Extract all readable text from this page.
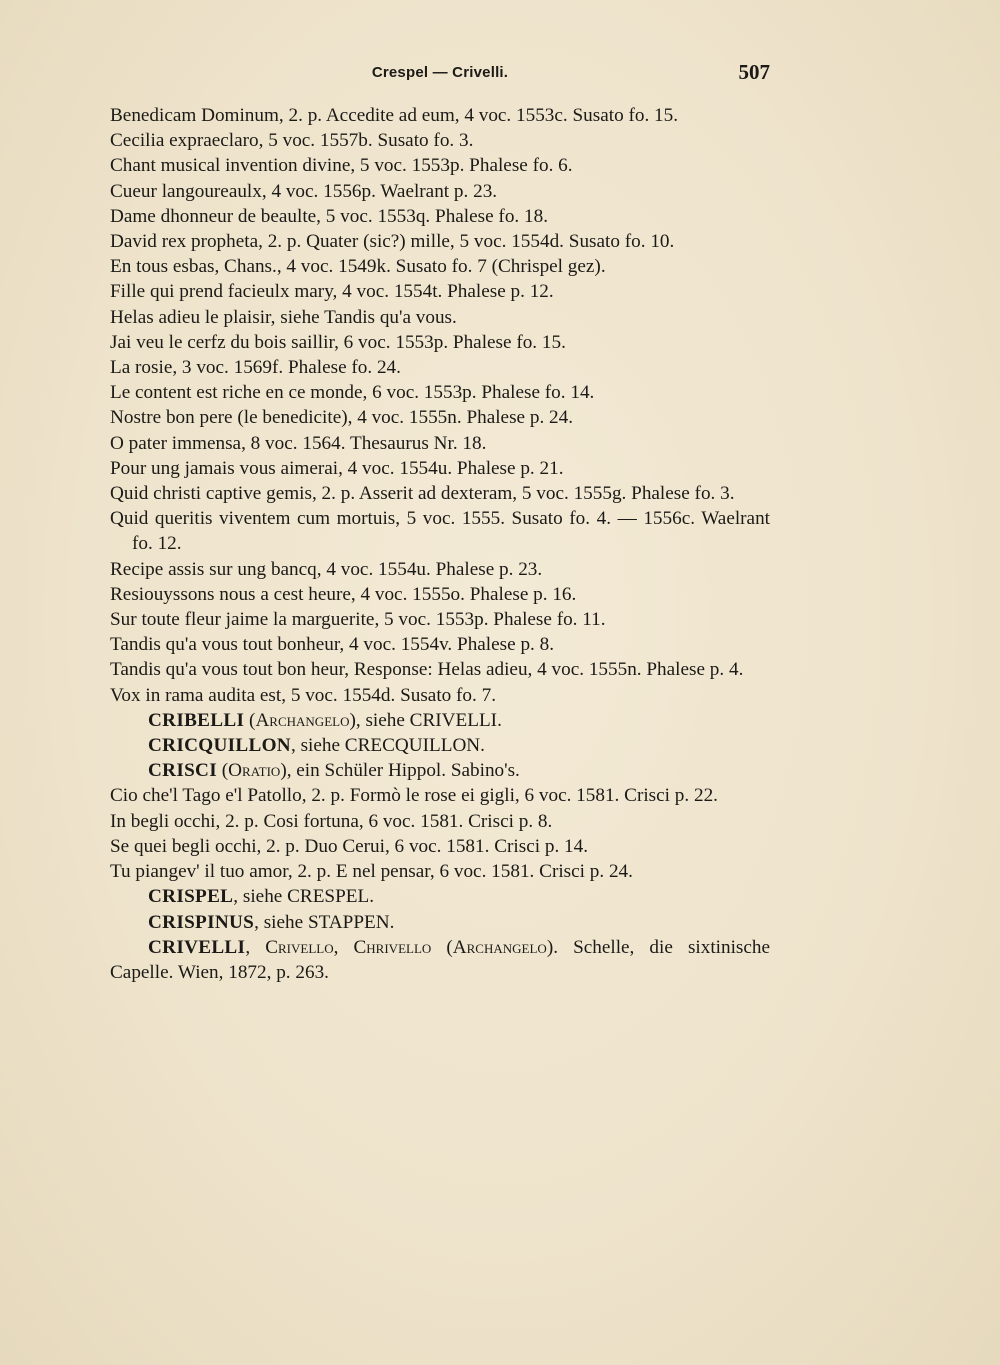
Crespel — Crivelli.	507
Benedicam Dominum, 2. p. Accedite ad eum, 4 voc. 1553c. Susato fo. 15.
Cecilia expraeclaro, 5 voc. 1557b. Susato fo. 3.
Chant musical invention divine, 5 voc. 1553p. Phalese fo. 6.
Cueur langoureaulx, 4 voc. 1556p. Waelrant p. 23.
Dame dhonneur de beaulte, 5 voc. 1553q. Phalese fo. 18.
David rex propheta, 2. p. Quater (sic?) mille, 5 voc. 1554d. Susato fo. 10.
En tous esbas, Chans., 4 voc. 1549k. Susato fo. 7 (Chrispel gez).
Fille qui prend facieulx mary, 4 voc. 1554t. Phalese p. 12.
Helas adieu le plaisir, siehe Tandis qu'a vous.
Jai veu le cerfz du bois saillir, 6 voc. 1553p. Phalese fo. 15.
La rosie, 3 voc. 1569f. Phalese fo. 24.
Le content est riche en ce monde, 6 voc. 1553p. Phalese fo. 14.
Nostre bon pere (le benedicite), 4 voc. 1555n. Phalese p. 24.
O pater immensa, 8 voc. 1564. Thesaurus Nr. 18.
Pour ung jamais vous aimerai, 4 voc. 1554u. Phalese p. 21.
Quid christi captive gemis, 2. p. Asserit ad dexteram, 5 voc. 1555g. Phalese fo. 3.
Quid queritis viventem cum mortuis, 5 voc. 1555. Susato fo. 4. — 1556c. Waelrant fo. 12.
Recipe assis sur ung bancq, 4 voc. 1554u. Phalese p. 23.
Resiouyssons nous a cest heure, 4 voc. 1555o. Phalese p. 16.
Sur toute fleur jaime la marguerite, 5 voc. 1553p. Phalese fo. 11.
Tandis qu'a vous tout bonheur, 4 voc. 1554v. Phalese p. 8.
Tandis qu'a vous tout bon heur, Response: Helas adieu, 4 voc. 1555n. Phalese p. 4.
Vox in rama audita est, 5 voc. 1554d. Susato fo. 7.
CRIBELLI (Archangelo), siehe CRIVELLI.
CRICQUILLON, siehe CRECQUILLON.
CRISCI (Oratio), ein Schüler Hippol. Sabino's.
Cio che'l Tago e'l Patollo, 2. p. Formò le rose ei gigli, 6 voc. 1581. Crisci p. 22.
In begli occhi, 2. p. Cosi fortuna, 6 voc. 1581. Crisci p. 8.
Se quei begli occhi, 2. p. Duo Cerui, 6 voc. 1581. Crisci p. 14.
Tu piangev' il tuo amor, 2. p. E nel pensar, 6 voc. 1581. Crisci p. 24.
CRISPEL, siehe CRESPEL.
CRISPINUS, siehe STAPPEN.
CRIVELLI, Crivello, Chrivello (Archangelo). Schelle, die sixtinische Capelle. Wien, 1872, p. 263.
